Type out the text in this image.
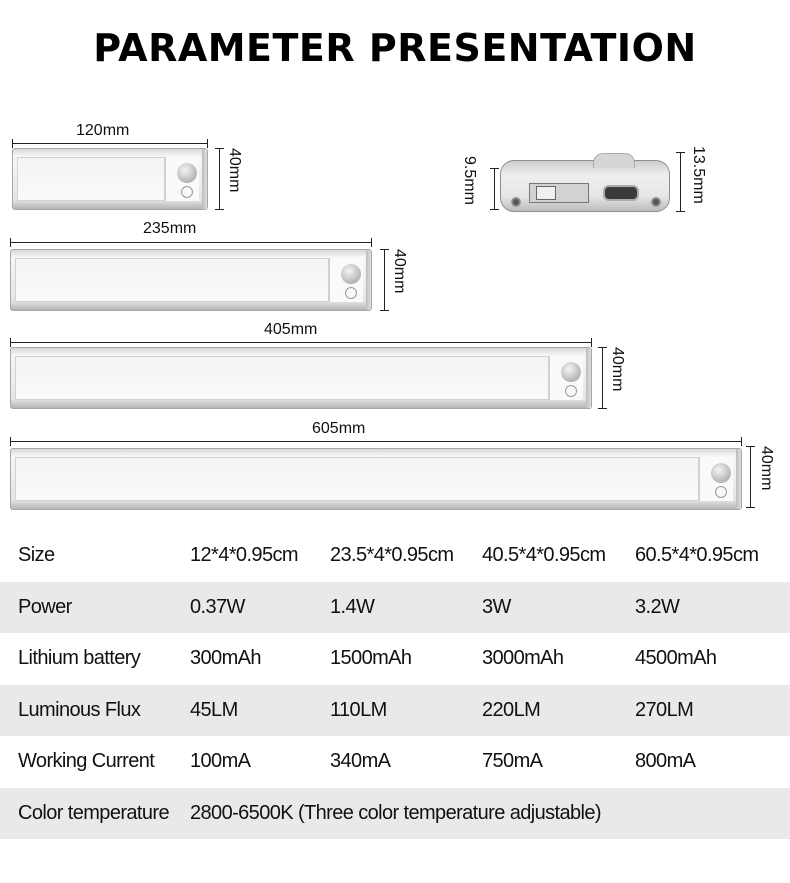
PARAMETER PRESENTATION
120mm
40mm	9.5mm	13.5mm
235mm
40mm
405mm
40mm
605mm
40mm
Size	12*4*0.95cm	23.5*4*0.95cm	40.5*4*0.95cm	60.5*4*0.95cm
Power	0.37W	1.4W	3W	3.2W
Lithium battery	300mAh	1500mAh	3000mAh	4500mAh
Luminous Flux	45LM	110LM	220LM	270LM
Working Current	100mA	340mA	750mA	800mA
Color temperature	2800-6500K (Three color temperature adjustable)			
